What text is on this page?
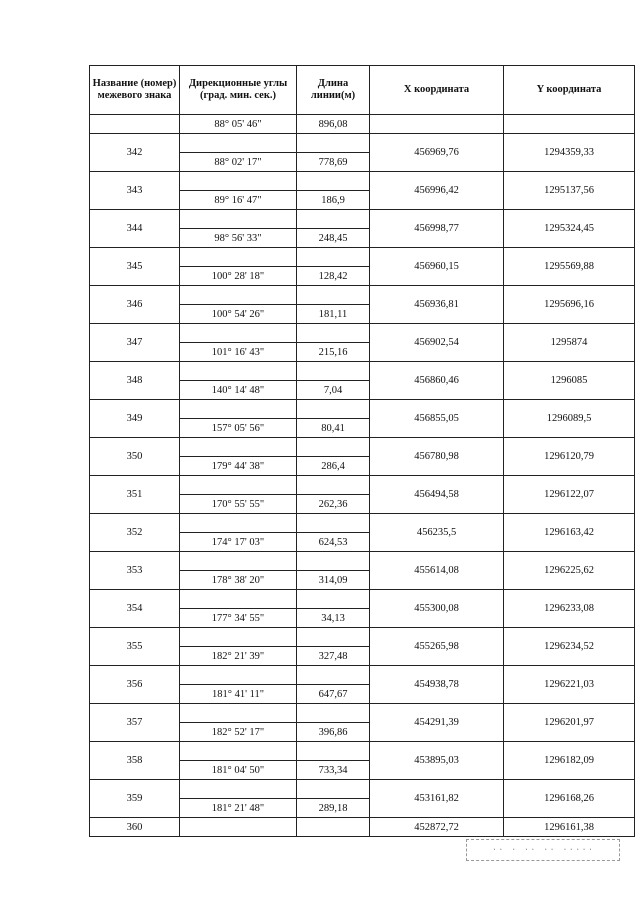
Название (номер) межевого знака	Дирекционные углы (град. мин. сек.)	Длина линии(м)	X координата	Y координата
	88° 05' 46"	896,08		
342			456969,76	1294359,33
	88° 02' 17"	778,69		
343			456996,42	1295137,56
	89° 16' 47"	186,9		
344			456998,77	1295324,45
	98° 56' 33"	248,45		
345			456960,15	1295569,88
	100° 28' 18"	128,42		
346			456936,81	1295696,16
	100° 54' 26"	181,11		
347			456902,54	1295874
	101° 16' 43"	215,16		
348			456860,46	1296085
	140° 14' 48"	7,04		
349			456855,05	1296089,5
	157° 05' 56"	80,41		
350			456780,98	1296120,79
	179° 44' 38"	286,4		
351			456494,58	1296122,07
	170° 55' 55"	262,36		
352			456235,5	1296163,42
	174° 17' 03"	624,53		
353			455614,08	1296225,62
	178° 38' 20"	314,09		
354			455300,08	1296233,08
	177° 34' 55"	34,13		
355			455265,98	1296234,52
	182° 21' 39"	327,48		
356			454938,78	1296221,03
	181° 41' 11"	647,67		
357			454291,39	1296201,97
	182° 52' 17"	396,86		
358			453895,03	1296182,09
	181° 04' 50"	733,34		
359			453161,82	1296168,26
	181° 21' 48"	289,18		
360			452872,72	1296161,38
·· · ·· ·· ·····
